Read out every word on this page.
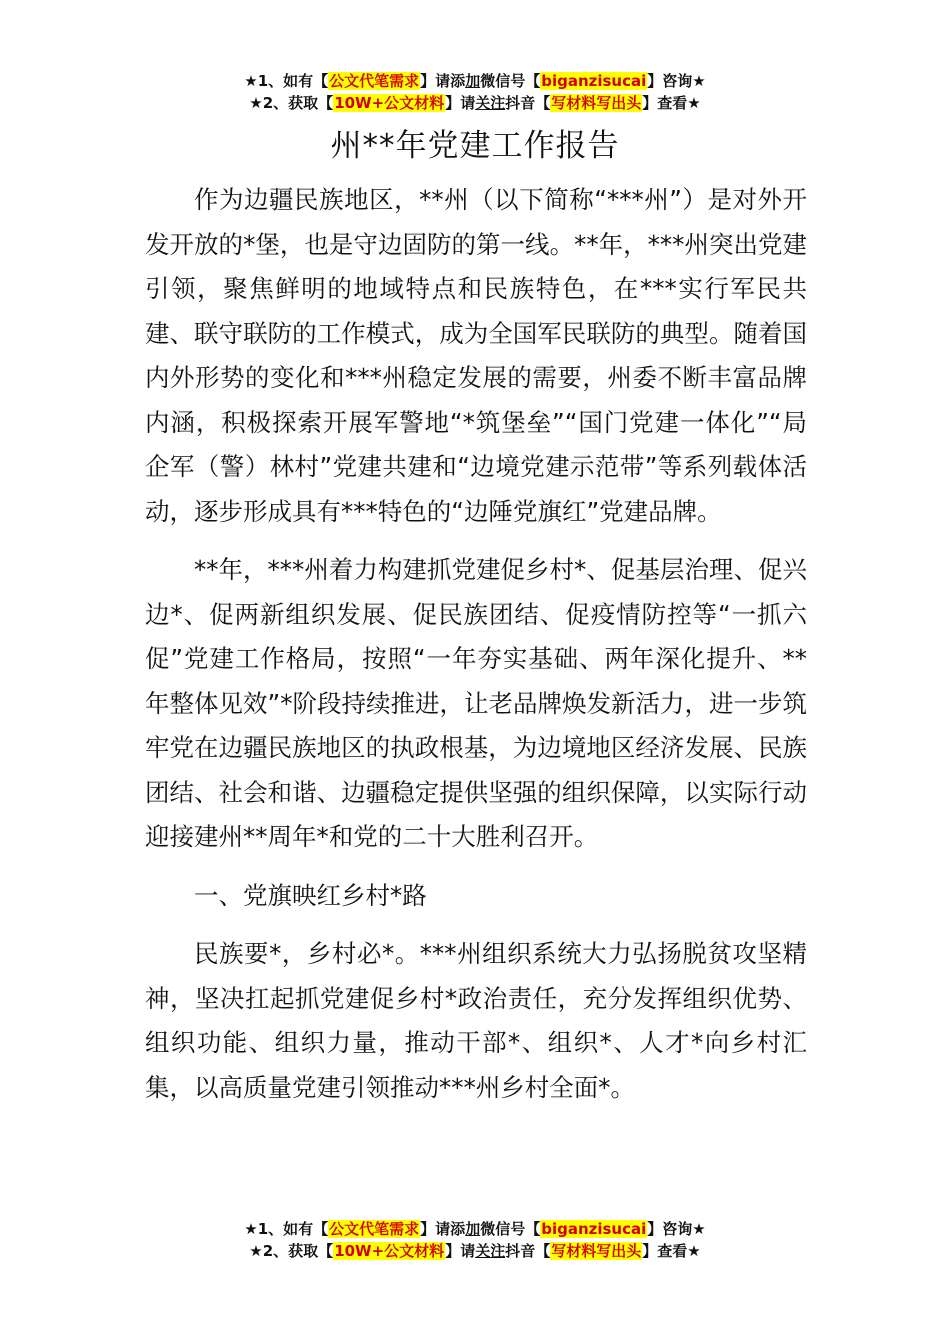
★1、如有【公文代笔需求】请添加微信号【biganzisucai】咨询★
★2、获取【10W+公文材料】请关注抖音【写材料写出头】查看★
州**年党建工作报告

作为边疆民族地区，**州（以下简称“***州”）是对外开发开放的*堡，也是守边固防的第一线。**年，***州突出党建引领，聚焦鲜明的地域特点和民族特色，在***实行军民共建、联守联防的工作模式，成为全国军民联防的典型。随着国内外形势的变化和***州稳定发展的需要，州委不断丰富品牌内涵，积极探索开展军警地“*筑堡垒”“国门党建一体化”“局企军（警）林村”党建共建和“边境党建示范带”等系列载体活动，逐步形成具有***特色的“边陲党旗红”党建品牌。

**年，***州着力构建抓党建促乡村*、促基层治理、促兴边*、促两新组织发展、促民族团结、促疫情防控等“一抓六促”党建工作格局，按照“一年夯实基础、两年深化提升、**年整体见效”*阶段持续推进，让老品牌焕发新活力，进一步筑牢党在边疆民族地区的执政根基，为边境地区经济发展、民族团结、社会和谐、边疆稳定提供坚强的组织保障，以实际行动迎接建州**周年*和党的二十大胜利召开。

一、党旗映红乡村*路

民族要*，乡村必*。***州组织系统大力弘扬脱贫攻坚精神，坚决扛起抓党建促乡村*政治责任，充分发挥组织优势、组织功能、组织力量，推动干部*、组织*、人才*向乡村汇集，以高质量党建引领推动***州乡村全面*。

★1、如有【公文代笔需求】请添加微信号【biganzisucai】咨询★
★2、获取【10W+公文材料】请关注抖音【写材料写出头】查看★
